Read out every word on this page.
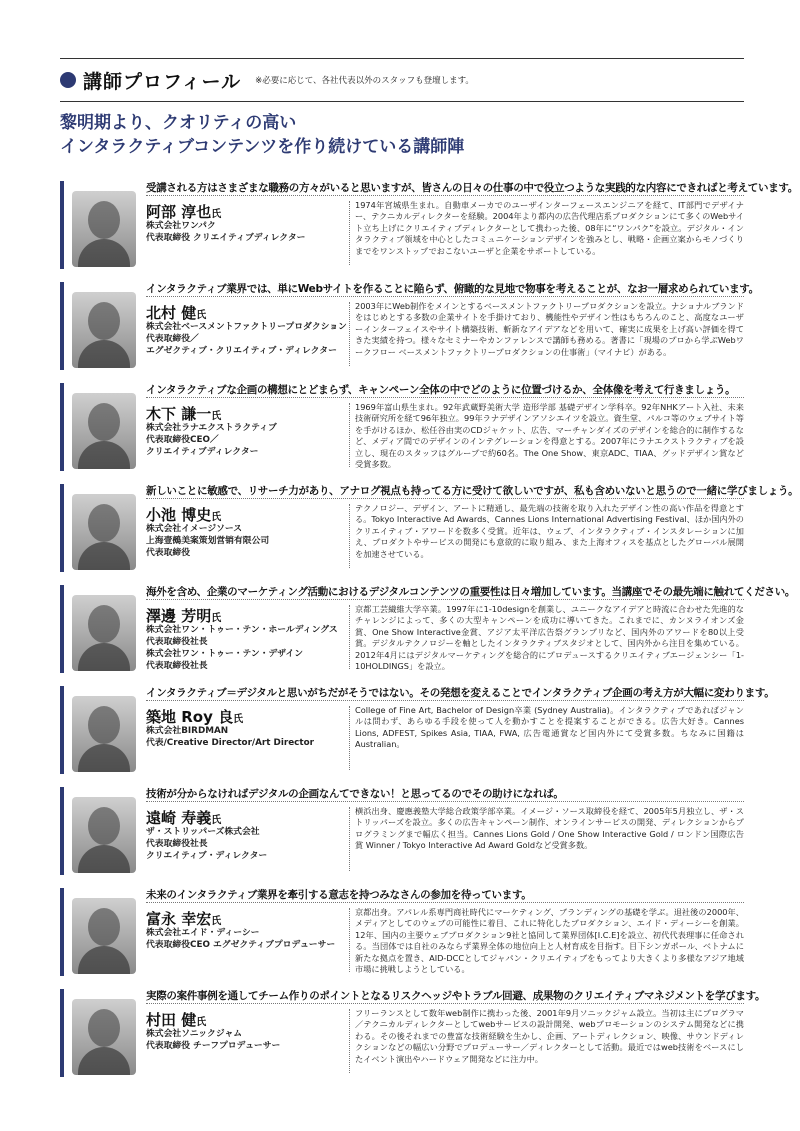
講師プロフィール ※必要に応じて、各社代表以外のスタッフも登壇します。
黎明期より、クオリティの高い
インタラクティブコンテンツを作り続けている講師陣
受講される方はさまざまな職務の方々がいると思いますが、皆さんの日々の仕事の中で役立つような実践的な内容にできればと考えています。
阿部 淳也氏
株式会社ワンパク
代表取締役 クリエイティブディレクター
1974年宮城県生まれ。自動車メーカでのユーザインターフェースエンジニアを経て、IT部門でデザイナー、テクニカルディレクターを経験。2004年より都内の広告代理店系プロダクションにて多くのWebサイト立ち上げにクリエイティブディレクターとして携わった後、08年に“ワンパク”を設立。デジタル・インタラクティブ領域を中心としたコミュニケーションデザインを強みとし、戦略・企画立案からモノづくりまでをワンストップでおこないユーザと企業をサポートしている。
インタラクティブ業界では、単にWebサイトを作ることに陥らず、俯瞰的な見地で物事を考えることが、なお一層求められています。
北村 健氏
株式会社ベースメントファクトリープロダクション
代表取締役／
エグゼクティブ・クリエイティブ・ディレクター
2003年にWeb制作をメインとするベースメントファクトリープロダクションを設立。ナショナルブランドをはじめとする多数の企業サイトを手掛けており、機能性やデザイン性はもちろんのこと、高度なユーザーインターフェイスやサイト構築技術、斬新なアイデアなどを用いて、確実に成果を上げ高い評価を得てきた実績を持つ。様々なセミナーやカンファレンスで講師も務める。著書に「現場のプロから学ぶWebワークフロー ベースメントファクトリープロダクションの仕事術」（マイナビ）がある。
インタラクティブな企画の構想にとどまらず、キャンペーン全体の中でどのように位置づけるか、全体像を考えて行きましょう。
木下 謙一氏
株式会社ラナエクストラクティブ
代表取締役CEO／
クリエイティブディレクター
1969年富山県生まれ。92年武蔵野美術大学 造形学部 基礎デザイン学科卒。92年NHKアート入社、未来技術研究所を経て96年独立。99年ラナデザインアソシエイツを設立。資生堂、パルコ等のウェブサイト等を手がけるほか、松任谷由実のCDジャケット、広告、マーチャンダイズのデザインを総合的に制作するなど、メディア間でのデザインのインテグレーションを得意とする。2007年にラナエクストラクティブを設立し、現在のスタッフはグループで約60名。The One Show、東京ADC、TIAA、グッドデザイン賞など受賞多数。
新しいことに敏感で、リサーチ力があり、アナログ視点も持ってる方に受けて欲しいですが、私も含めいないと思うので一緒に学びましょう。
小池 博史氏
株式会社イメージソース
上海壹鵺美案策划営销有限公司
代表取締役
テクノロジー、デザイン、アートに精通し、最先端の技術を取り入れたデザイン性の高い作品を得意とする。Tokyo Interactive Ad Awards、Cannes Lions International Advertising Festival、ほか国内外のクリエイティブ・アワードを数多く受賞。近年は、ウェブ、インタラクティブ・インスタレーションに加え、プロダクトやサービスの開発にも意欲的に取り組み、また上海オフィスを基点としたグローバル展開を加速させている。
海外を含め、企業のマーケティング活動におけるデジタルコンテンツの重要性は日々増加しています。当講座でその最先端に触れてください。
澤邊 芳明氏
株式会社ワン・トゥー・テン・ホールディングス
代表取締役社長
株式会社ワン・トゥー・テン・デザイン
代表取締役社長
京都工芸繊維大学卒業。1997年に1-10designを創業し、ユニークなアイデアと時流に合わせた先進的なチャレンジによって、多くの大型キャンペーンを成功に導いてきた。これまでに、カンヌライオンズ金賞、One Show Interactive金賞、アジア太平洋広告祭グランプリなど、国内外のアワードを80以上受賞。デジタルテクノロジーを軸としたインタラクティブスタジオとして、国内外から注目を集めている。2012年4月にはデジタルマーケティングを総合的にプロデュースするクリエイティブエージェンシー「1-10HOLDINGS」を設立。
インタラクティブ＝デジタルと思いがちだがそうではない。その発想を変えることでインタラクティブ企画の考え方が大幅に変わります。
築地 Roy 良氏
株式会社BIRDMAN
代表/Creative Director/Art Director
College of Fine Art, Bachelor of Design卒業 (Sydney Australia)。インタラクティブであればジャンルは問わず、あらゆる手段を使って人を動かすことを提案することができる。広告大好き。Cannes Lions, ADFEST, Spikes Asia, TIAA, FWA, 広告電通賞など国内外にて受賞多数。ちなみに国籍はAustralian。
技術が分からなければデジタルの企画なんてできない！と思ってるのでその助けになれば。
遠崎 寿義氏
ザ・ストリッパーズ株式会社
代表取締役社長
クリエイティブ・ディレクター
横浜出身、慶應義塾大学総合政策学部卒業。イメージ・ソース取締役を経て、2005年5月独立し、ザ・ストリッパーズを設立。多くの広告キャンペーン制作、オンラインサービスの開発、ディレクションからプログラミングまで幅広く担当。Cannes Lions Gold / One Show Interactive Gold / ロンドン国際広告賞 Winner / Tokyo Interactive Ad Award Goldなど受賞多数。
未来のインタラクティブ業界を牽引する意志を持つみなさんの参加を待っています。
富永 幸宏氏
株式会社エイド・ディーシー
代表取締役CEO エグゼクティブプロデューサー
京都出身。アパレル系専門商社時代にマーケティング、ブランディングの基礎を学ぶ。退社後の2000年、メディアとしてのウェブの可能性に着目、これに特化したプロダクション、エイド・ディーシーを創業。12年、国内の主要ウェブプロダクション9社と協同して業界団体[I.C.E]を設立、初代代表理事に任命される。当団体では自社のみならず業界全体の地位向上と人材育成を目指す。目下シンガポール、ベトナムに新たな拠点を置き、AID-DCCとしてジャパン・クリエイティブをもってより大きくより多様なアジア地域市場に挑戦しようとしている。
実際の案件事例を通してチーム作りのポイントとなるリスクヘッジやトラブル回避、成果物のクリエイティブマネジメントを学びます。
村田 健氏
株式会社ソニックジャム
代表取締役 チーフプロデューサー
フリーランスとして数年web制作に携わった後、2001年9月ソニックジャム設立。当初は主にプログラマ／テクニカルディレクターとしてwebサービスの設計開発、webプロモーションのシステム開発などに携わる。その後それまでの豊富な技術経験を生かし、企画、アートディレクション、映像、サウンドディレクションなどの幅広い分野でプロデューサー／ディレクターとして活動。最近ではweb技術をベースにしたイベント演出やハードウェア開発などに注力中。
